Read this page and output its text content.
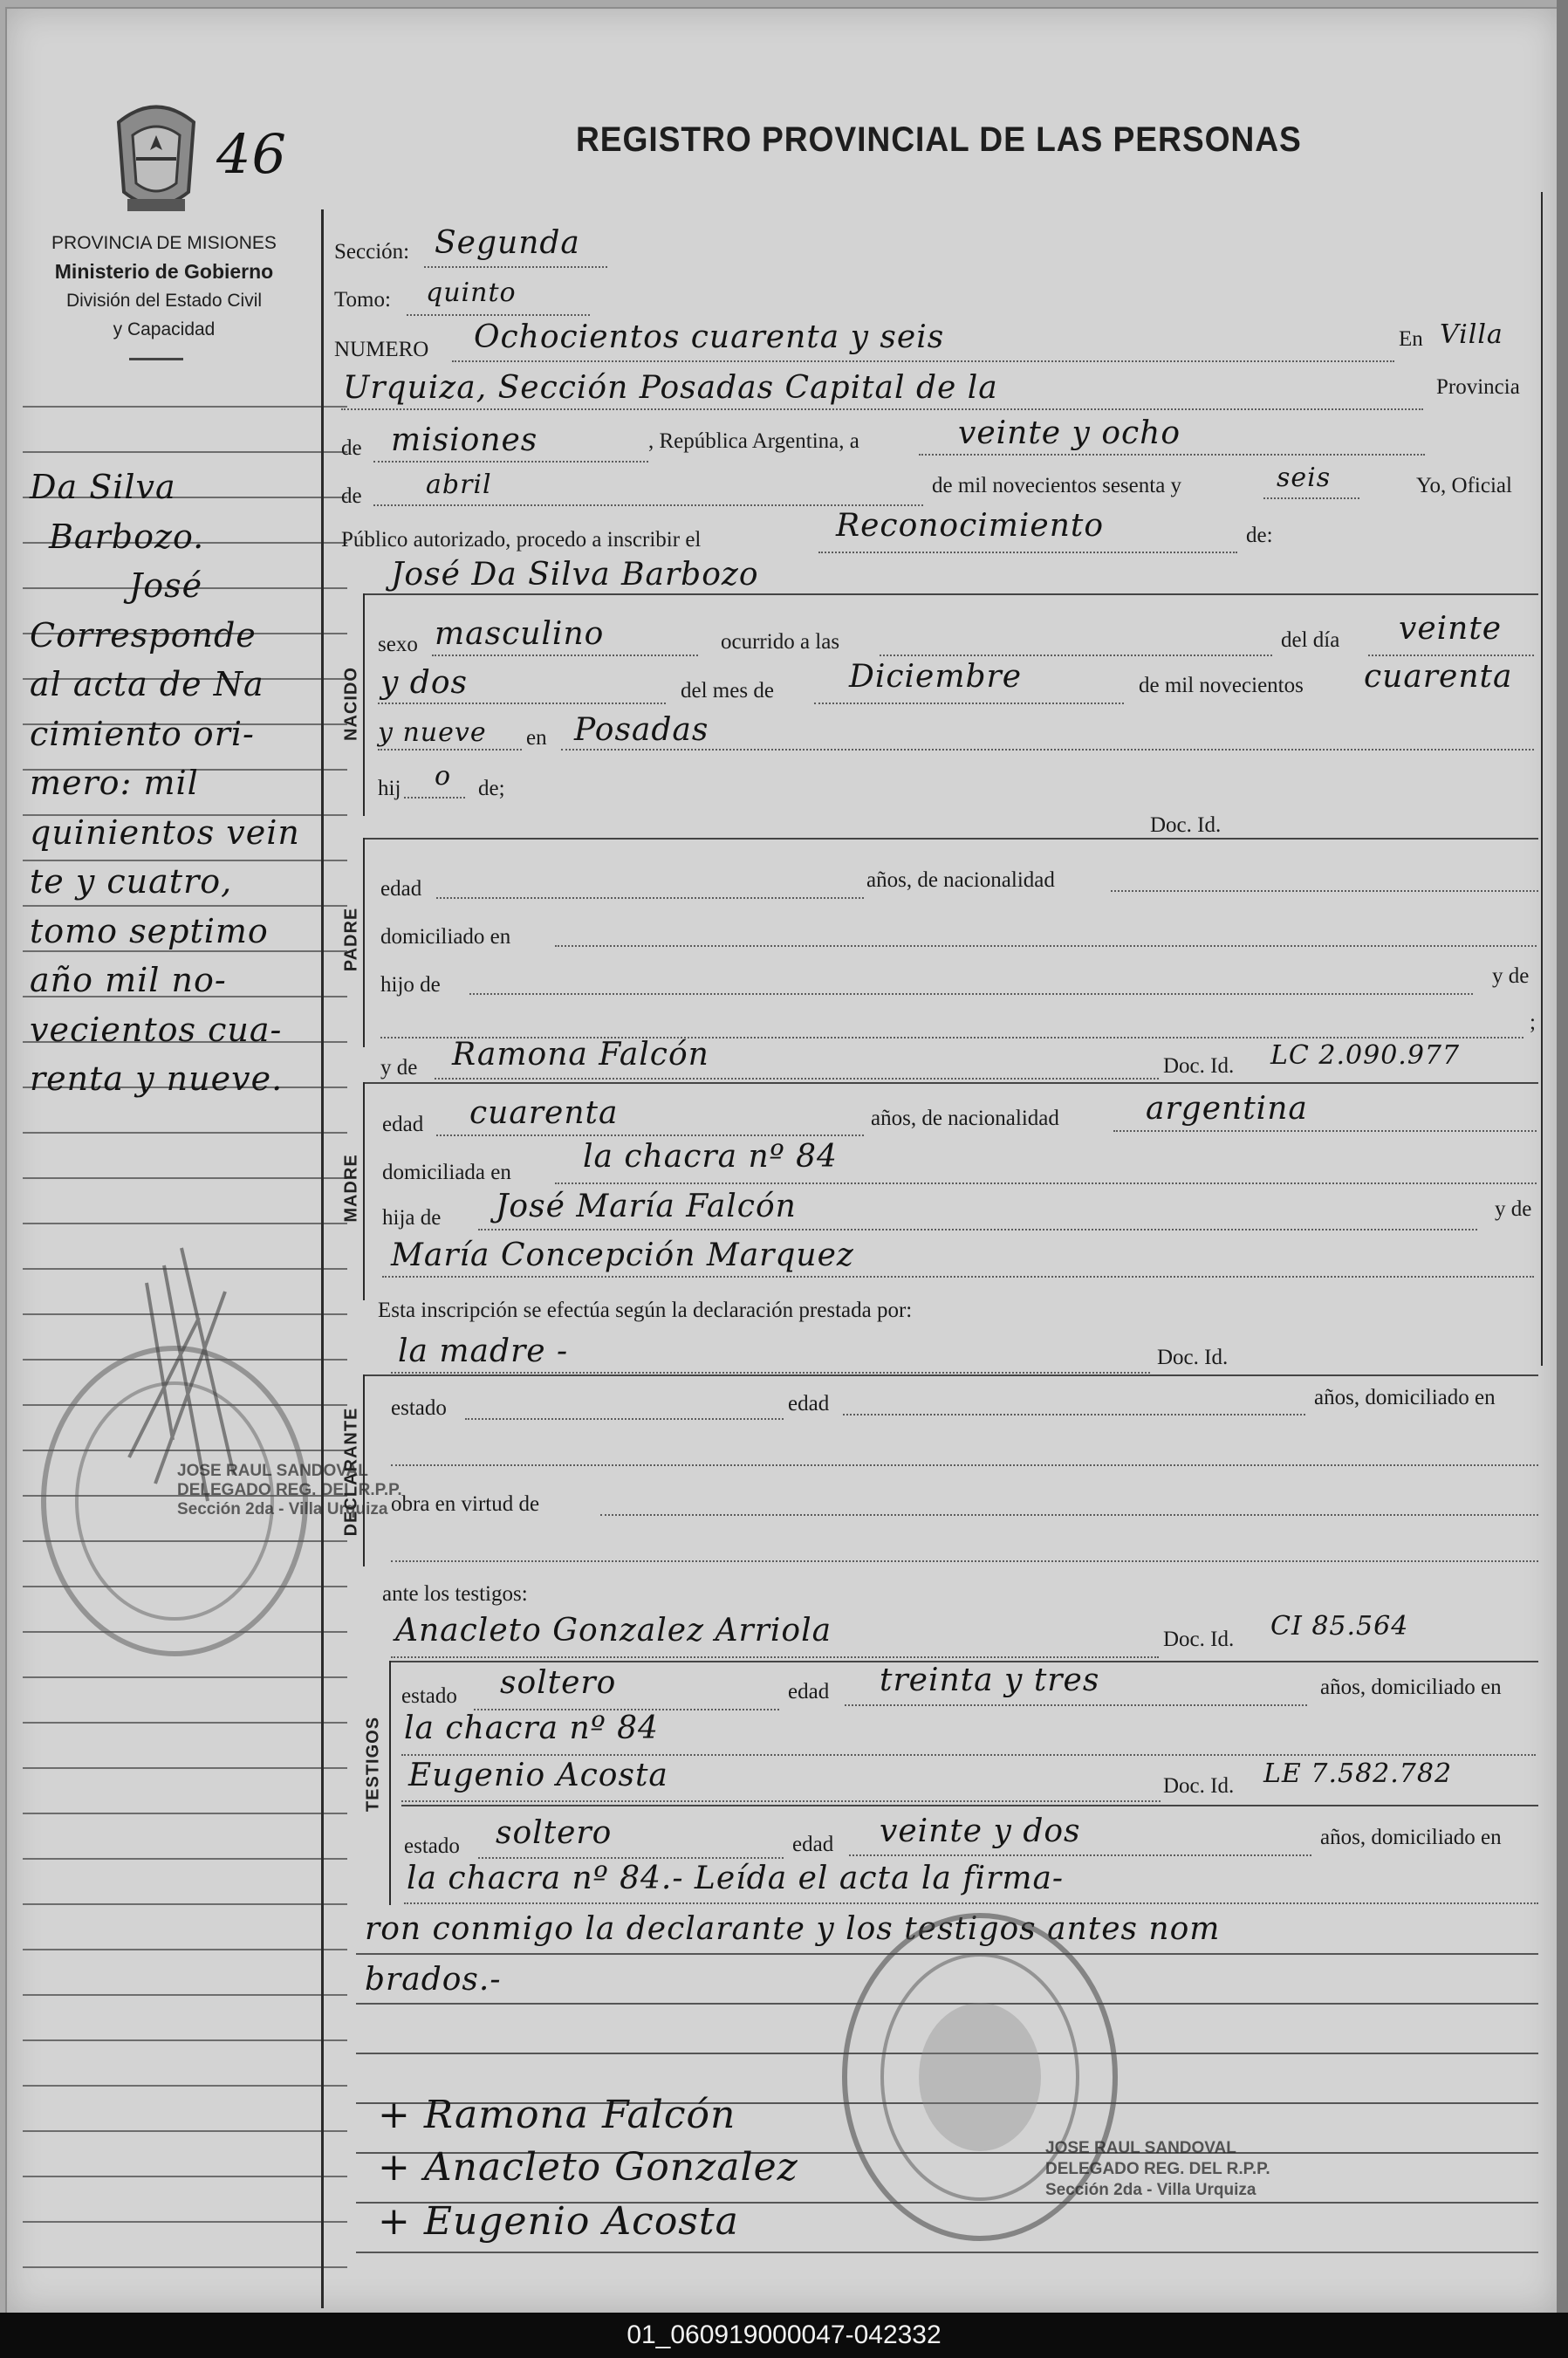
46	REGISTRO PROVINCIAL DE LAS PERSONAS
PROVINCIA DE MISIONES
Ministerio de Gobierno
División del Estado Civil
y Capacidad
Da Silva
Barbozo.
José
Corresponde
al acta de Na
cimiento ori-
mero: mil
quinientos vein
te y cuatro,
tomo septimo
año mil no-
vecientos cua-
renta y nueve.
Sección: Segunda
Tomo: quinto
NUMERO Ochocientos cuarenta y seis	En Villa
Urquiza, Sección Posadas Capital de la	Provincia
de misiones	, República Argentina, a	veinte y ocho
de abril	de mil novecientos sesenta y	seis	Yo, Oficial
Público autorizado, procedo a inscribir el	Reconocimiento	de:
José Da Silva Barbozo
NACIDO
sexo masculino	ocurrido a las	del día veinte
y dos	del mes de Diciembre	de mil novecientos cuarenta
y nueve en Posadas
hij o de;
Doc. Id.
PADRE
edad	años, de nacionalidad
domiciliado en
hijo de	y de
;
y de Ramona Falcón	Doc. Id. LC 2.090.977
MADRE
edad cuarenta	años, de nacionalidad	argentina
domiciliada en la chacra nº 84
hija de José María Falcón	y de
María Concepción Marquez
Esta inscripción se efectúa según la declaración prestada por:
la madre -	Doc. Id.
DECLARANTE estado	edad	años, domiciliado en
obra en virtud de
ante los testigos:
Anacleto Gonzalez Arriola	Doc. Id. CI 85.564
TESTIGOS
estado soltero	edad treinta y tres	años, domiciliado en
la chacra nº 84
Eugenio Acosta	Doc. Id. LE 7.582.782
estado soltero	edad veinte y dos	años, domiciliado en
la chacra nº 84.- Leída el acta la firma-
ron conmigo la declarante y los testigos antes nom
brados.-
+ Ramona Falcón
+ Anacleto Gonzalez
+ Eugenio Acosta
JOSE RAUL SANDOVAL
DELEGADO REG. DEL R.P.P.
Sección 2da - Villa Urquiza
JOSE RAUL SANDOVAL
DELEGADO REG. DEL R.P.P.
Sección 2da - Villa Urquiza
01_060919000047-042332
